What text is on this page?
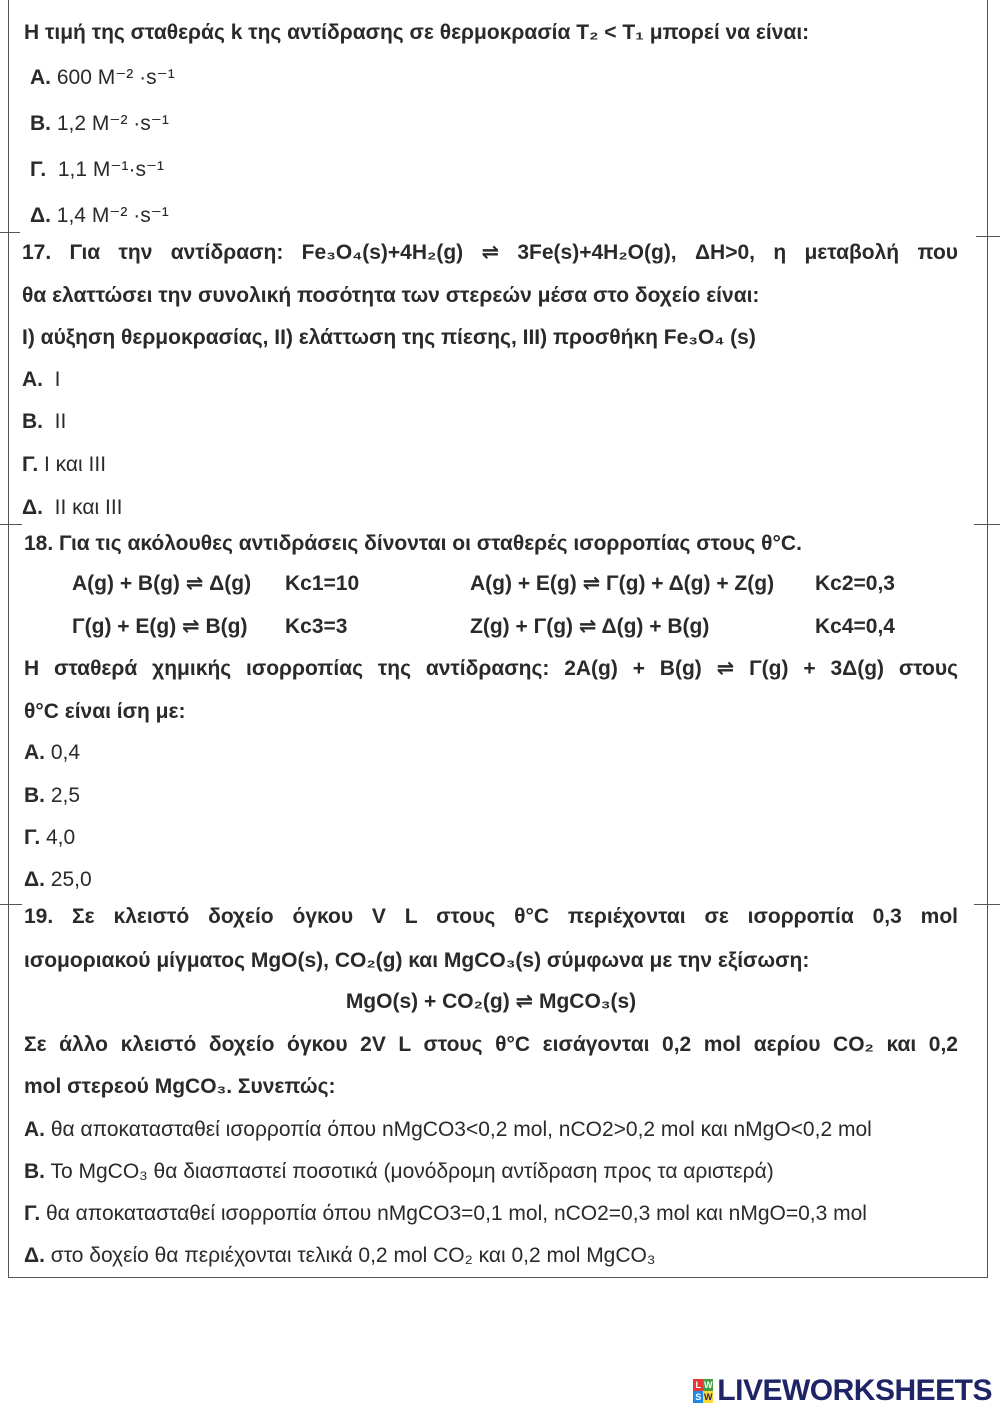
Η τιμή της σταθεράς k της αντίδρασης σε θερμοκρασία T₂ < T₁ μπορεί να είναι:
Α. 600 M⁻² ·s⁻¹
Β. 1,2 M⁻² ·s⁻¹
Γ. 1,1 M⁻¹·s⁻¹
Δ. 1,4 M⁻² ·s⁻¹
17. Για την αντίδραση: Fe₃O₄(s)+4H₂(g) ⇌ 3Fe(s)+4H₂O(g), ΔH>0, η μεταβολή που
θα ελαττώσει την συνολική ποσότητα των στερεών μέσα στο δοχείο είναι:
I) αύξηση θερμοκρασίας, II) ελάττωση της πίεσης, III) προσθήκη Fe₃O₄ (s)
Α. I
Β. II
Γ. I και III
Δ. II και III
18. Για τις ακόλουθες αντιδράσεις δίνονται οι σταθερές ισορροπίας στους θ°C.
A(g) + B(g) ⇌ Δ(g) Kc1=10	A(g) + E(g) ⇌ Γ(g) + Δ(g) + Z(g) Kc2=0,3
Γ(g) + E(g) ⇌ B(g) Kc3=3	Z(g) + Γ(g) ⇌ Δ(g) + B(g)	Kc4=0,4
Η σταθερά χημικής ισορροπίας της αντίδρασης: 2A(g) + B(g) ⇌ Γ(g) + 3Δ(g) στους
θ°C είναι ίση με:
Α. 0,4
Β. 2,5
Γ. 4,0
Δ. 25,0
19. Σε κλειστό δοχείο όγκου V L στους θ°C περιέχονται σε ισορροπία 0,3 mol
ισομοριακού μίγματος MgO(s), CO₂(g) και MgCO₃(s) σύμφωνα με την εξίσωση:
MgO(s) + CO₂(g) ⇌ MgCO₃(s)
Σε άλλο κλειστό δοχείο όγκου 2V L στους θ°C εισάγονται 0,2 mol αερίου CO₂ και 0,2
mol στερεού MgCO₃. Συνεπώς:
Α. θα αποκατασταθεί ισορροπία όπου nMgCO3<0,2 mol, nCO2>0,2 mol και nMgO<0,2 mol
Β. Το MgCO₃ θα διασπαστεί ποσοτικά (μονόδρομη αντίδραση προς τα αριστερά)
Γ. θα αποκατασταθεί ισορροπία όπου nMgCO3=0,1 mol, nCO2=0,3 mol και nMgO=0,3 mol
Δ. στο δοχείο θα περιέχονται τελικά 0,2 mol CO₂ και 0,2 mol MgCO₃
L W
S W LIVEWORKSHEETS
